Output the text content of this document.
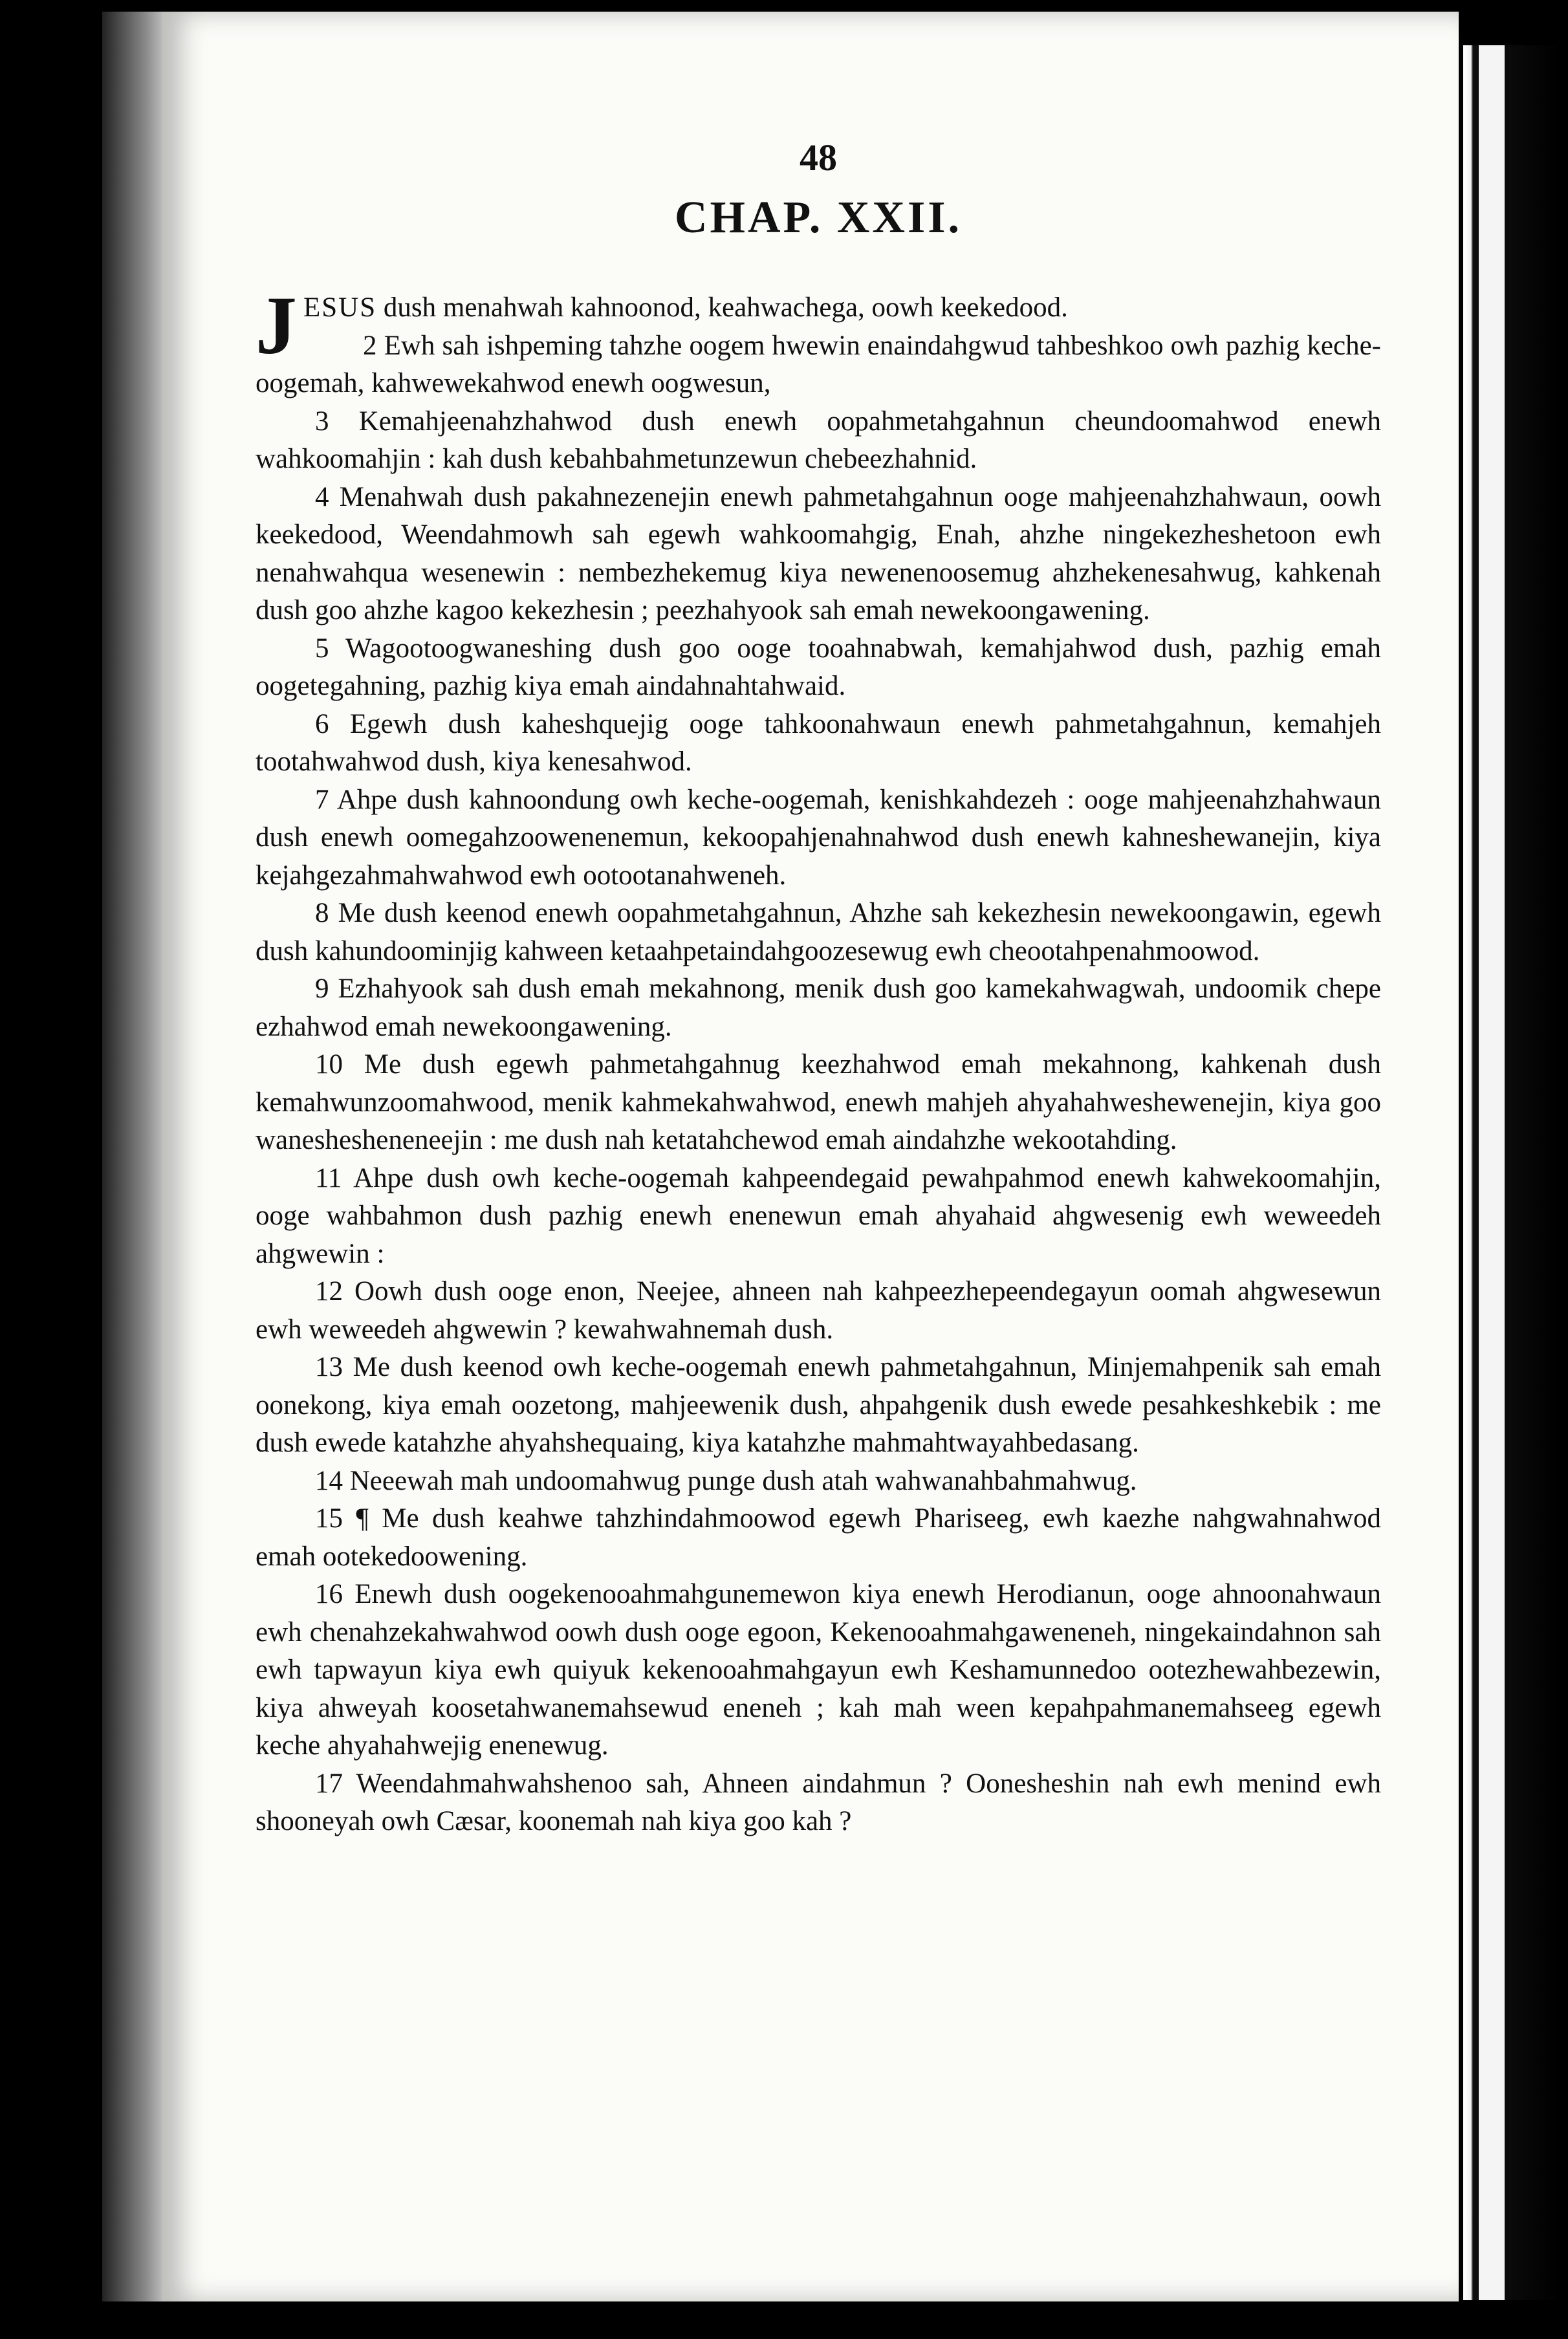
48
CHAP. XXII.

JESUS dush menahwah kahnoonod, keahwachega, oowh keekedood.

2 Ewh sah ishpeming tahzhe oogem hwewin enaindahgwud tahbeshkoo owh pazhig keche-oogemah, kahwewekahwod enewh oogwesun,

3 Kemahjeenahzhahwod dush enewh oopahmetahgahnun cheundoomahwod enewh wahkoomahjin : kah dush kebahbahmetunzewun chebeezhahnid.

4 Menahwah dush pakahnezenejin enewh pahmetahgahnun ooge mahjeenahzhahwaun, oowh keekedood, Weendahmowh sah egewh wahkoomahgig, Enah, ahzhe ningekezheshetoon ewh nenahwahqua wesenewin : nembezhekemug kiya newenenoosemug ahzhekenesahwug, kahkenah dush goo ahzhe kagoo kekezhesin ; peezhahyook sah emah newekoongawening.

5 Wagootoogwaneshing dush goo ooge tooahnabwah, kemahjahwod dush, pazhig emah oogetegahning, pazhig kiya emah aindahnahtahwaid.

6 Egewh dush kaheshquejig ooge tahkoonahwaun enewh pahmetahgahnun, kemahjeh tootahwahwod dush, kiya kenesahwod.

7 Ahpe dush kahnoondung owh keche-oogemah, kenishkahdezeh : ooge mahjeenahzhahwaun dush enewh oomegahzoowenenemun, kekoopahjenahnahwod dush enewh kahneshewanejin, kiya kejahgezahmahwahwod ewh ootootanahweneh.

8 Me dush keenod enewh oopahmetahgahnun, Ahzhe sah kekezhesin newekoongawin, egewh dush kahundoominjig kahween ketaahpetaindahgoozesewug ewh cheootahpenahmoowod.

9 Ezhahyook sah dush emah mekahnong, menik dush goo kamekahwagwah, undoomik chepe ezhahwod emah newekoongawening.

10 Me dush egewh pahmetahgahnug keezhahwod emah mekahnong, kahkenah dush kemahwunzoomahwood, menik kahmekahwahwod, enewh mahjeh ahyahahweshewenejin, kiya goo waneshesheneneejin : me dush nah ketatahchewod emah aindahzhe wekootahding.

11 Ahpe dush owh keche-oogemah kahpeendegaid pewahpahmod enewh kahwekoomahjin, ooge wahbahmon dush pazhig enewh enenewun emah ahyahaid ahgwesenig ewh weweedeh ahgwewin :

12 Oowh dush ooge enon, Neejee, ahneen nah kahpeezhepeendegayun oomah ahgwesewun ewh weweedeh ahgwewin ? kewahwahnemah dush.

13 Me dush keenod owh keche-oogemah enewh pahmetahgahnun, Minjemahpenik sah emah oonekong, kiya emah oozetong, mahjeewenik dush, ahpahgenik dush ewede pesahkeshkebik : me dush ewede katahzhe ahyahshequaing, kiya katahzhe mahmahtwayahbedasang.

14 Neeewah mah undoomahwug punge dush atah wahwanahbahmahwug.

15 ¶ Me dush keahwe tahzhindahmoowod egewh Phariseeg, ewh kaezhe nahgwahnahwod emah ootekedoowening.

16 Enewh dush oogekenooahmahgunemewon kiya enewh Herodianun, ooge ahnoonahwaun ewh chenahzekahwahwod oowh dush ooge egoon, Kekenooahmahgaweneneh, ningekaindahnon sah ewh tapwayun kiya ewh quiyuk kekenooahmahgayun ewh Keshamunnedoo ootezhewahbezewin, kiya ahweyah koosetahwanemahsewud eneneh ; kah mah ween kepahpahmanemahseeg egewh keche ahyahahwejig enenewug.

17 Weendahmahwahshenoo sah, Ahneen aindahmun ? Oonesheshin nah ewh menind ewh shooneyah owh Cæsar, koonemah nah kiya goo kah ?
